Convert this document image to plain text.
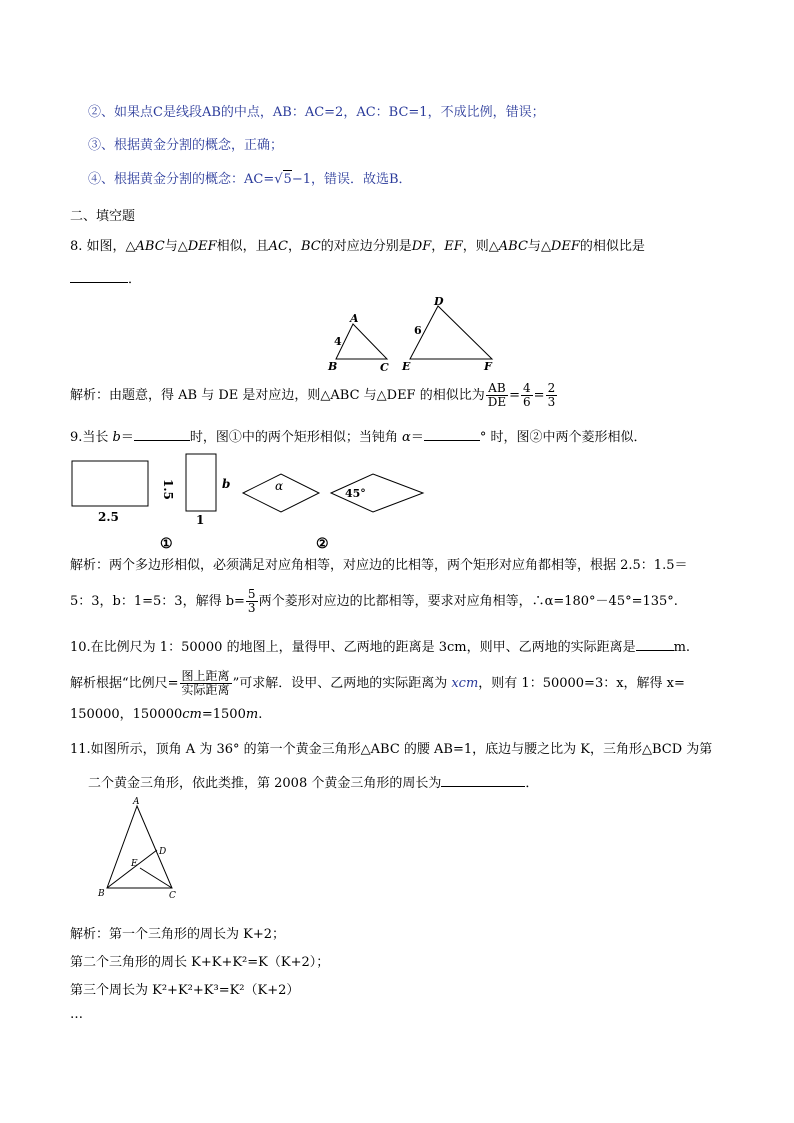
②、如果点C是线段AB的中点，AB：AC=2，AC：BC=1，不成比例，错误；
③、根据黄金分割的概念，正确；
④、根据黄金分割的概念：AC=√5−1，错误．故选B．
二、填空题
8. 如图，△ABC与△DEF相似，且AC，BC的对应边分别是DF，EF，则△ABC与△DEF的相似比是
．
A
B	C
4
D
E	F
6
解析：由题意，得 AB 与 DE 是对应边，则△ABC 与△DEF 的相似比为 $\frac{AB}{DE} = \frac{4}{6} = \frac{2}{3}$
9.当长 b＝	时，图①中的两个矩形相似；当钝角 α＝	° 时，图②中两个菱形相似．
2.5
1.5	b
1
α
45°
①	②
解析：两个多边形相似，必须满足对应角相等，对应边的比相等，两个矩形对应角都相等，根据 2.5：1.5＝
5：3，b：1=5：3，解得 $b= \frac{5}{3}$ 两个菱形对应边的比都相等，要求对应角相等，∴α=180°－45°=135°.
10.在比例尺为 1：50000 的地图上，量得甲、乙两地的距离是 3cm，则甲、乙两地的实际距离是	m.
解析根据“比例尺= $\frac{\text{图上距离}}{\text{实际距离}}$ ”可求解．设甲、乙两地的实际距离为 xcm，则有 1：50000=3：x，解得 x=
150000，150000cm=1500m.
11.如图所示，顶角 A 为 36° 的第一个黄金三角形△ABC 的腰 AB=1，底边与腰之比为 K，三角形△BCD 为第
二个黄金三角形，依此类推，第 2008 个黄金三角形的周长为	．
A
B	C
D
E
解析：第一个三角形的周长为 K+2；
第二个三角形的周长 K+K+K²=K（K+2）；
第三个周长为 K²+K²+K³=K²（K+2）
…
